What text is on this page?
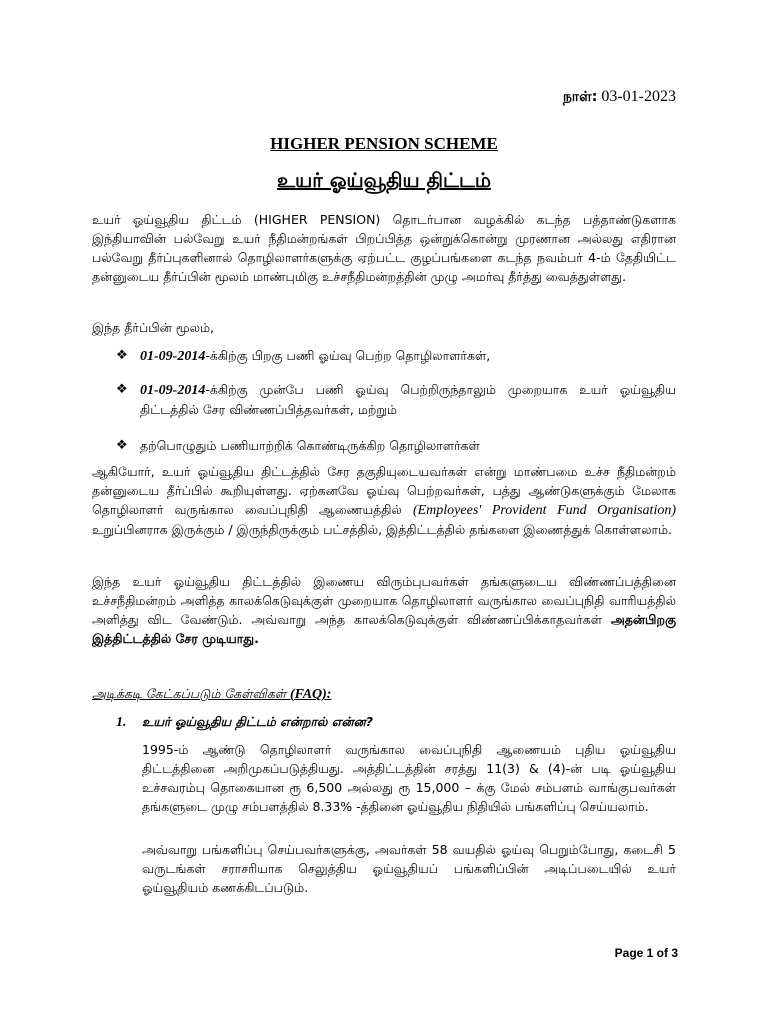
நாள்: 03-01-2023
HIGHER PENSION SCHEME
உயர் ஓய்வூதிய திட்டம்
உயர் ஓய்வூதிய திட்டம் (HIGHER PENSION) தொடர்பான வழக்கில் கடந்த பத்தாண்டுகளாக இந்தியாவின் பல்வேறு உயர் நீதிமன்றங்கள் பிறப்பித்த ஒன்றுக்கொன்று முரணான அல்லது எதிரான பல்வேறு தீர்ப்புகளினால் தொழிலாளர்களுக்கு ஏற்பட்ட குழப்பங்களை கடந்த நவம்பர் 4-ம் தேதியிட்ட தன்னுடைய தீர்ப்பின் மூலம் மாண்புமிகு உச்சநீதிமன்றத்தின் முழு அமர்வு தீர்த்து வைத்துள்ளது.
இந்த தீர்ப்பின் மூலம்,
❖ 01-09-2014-க்கிற்கு பிறகு பணி ஓய்வு பெற்ற தொழிலாளர்கள்,
❖ 01-09-2014-க்கிற்கு முன்பே பணி ஓய்வு பெற்றிருந்தாலும் முறையாக உயர் ஓய்வூதிய திட்டத்தில் சேர விண்ணப்பித்தவர்கள், மற்றும்
❖ தற்பொழுதும் பணியாற்றிக் கொண்டிருக்கிற தொழிலாளர்கள்
ஆகியோர், உயர் ஓய்வூதிய திட்டத்தில் சேர தகுதியுடையவர்கள் என்று மாண்பமை உச்ச நீதிமன்றம் தன்னுடைய தீர்ப்பில் கூறியுள்ளது. ஏற்கனவே ஓய்வு பெற்றவர்கள், பத்து ஆண்டுகளுக்கும் மேலாக தொழிலாளர் வருங்கால வைப்புநிதி ஆணையத்தில் (Employees' Provident Fund Organisation) உறுப்பினராக இருக்கும் / இருந்திருக்கும் பட்சத்தில், இத்திட்டத்தில் தங்களை இணைத்துக் கொள்ளலாம்.
இந்த உயர் ஓய்வூதிய திட்டத்தில் இணைய விரும்புபவர்கள் தங்களுடைய விண்ணப்பத்தினை உச்சநீதிமன்றம் அளித்த காலக்கெடுவுக்குள் முறையாக தொழிலாளர் வருங்கால வைப்புநிதி வாரியத்தில் அளித்து விட வேண்டும். அவ்வாறு அந்த காலக்கெடுவுக்குள் விண்ணப்பிக்காதவர்கள் அதன்பிறகு இத்திட்டத்தில் சேர முடியாது.
அடிக்கடி கேட்கப்படும் கேள்விகள் (FAQ):
1. உயர் ஓய்வூதிய திட்டம் என்றால் என்ன?
1995-ம் ஆண்டு தொழிலாளர் வருங்கால வைப்புநிதி ஆணையம் புதிய ஓய்வூதிய திட்டத்தினை அறிமுகப்படுத்தியது. அத்திட்டத்தின் சரத்து 11(3) & (4)-ன் படி ஓய்வூதிய உச்சவரம்பு தொகையான ரூ 6,500 அல்லது ரூ 15,000 – க்கு மேல் சம்பளம் வாங்குபவர்கள் தங்களுடை முழு சம்பளத்தில் 8.33% -த்தினை ஓய்வூதிய நிதியில் பங்களிப்பு செய்யலாம்.
அவ்வாறு பங்களிப்பு செய்பவர்களுக்கு, அவர்கள் 58 வயதில் ஓய்வு பெறும்போது, கடைசி 5 வருடங்கள் சராசரியாக செலுத்திய ஓய்வூதியப் பங்களிப்பின் அடிப்படையில் உயர் ஓய்வூதியம் கணக்கிடப்படும்.
Page 1 of 3
